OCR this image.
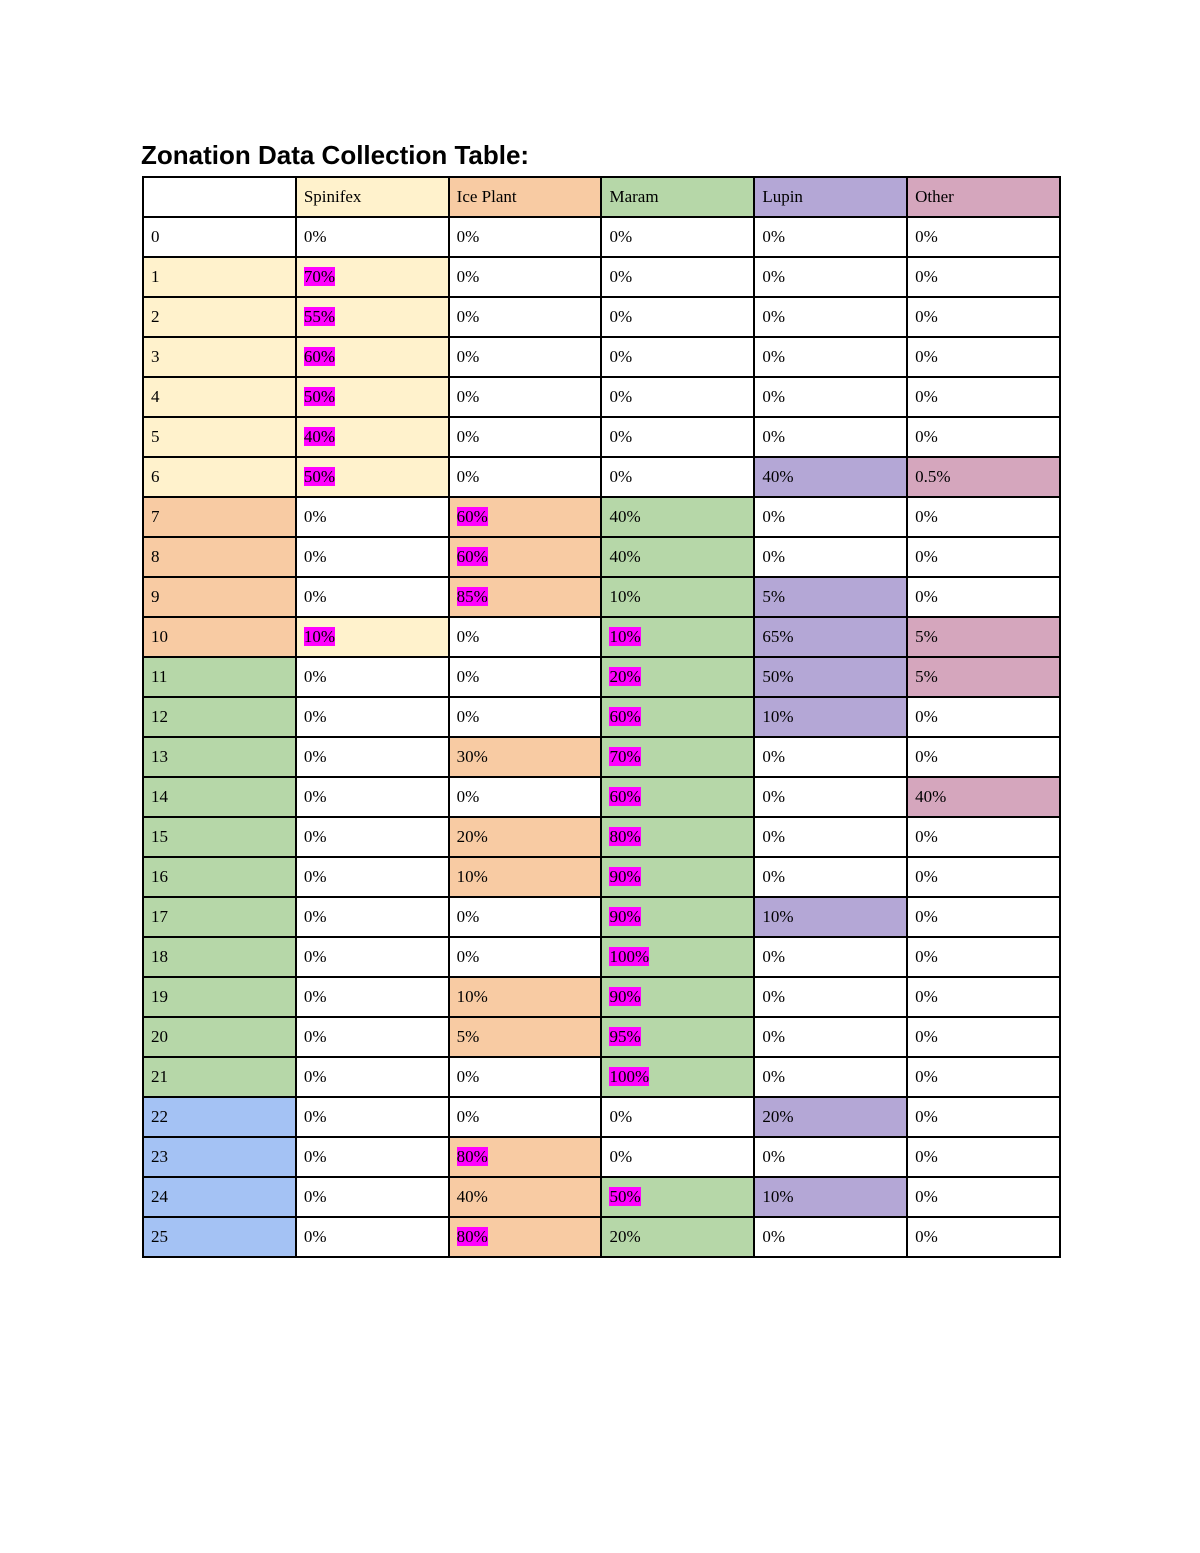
Zonation Data Collection Table:
	Spinifex	Ice Plant	Maram	Lupin	Other
0	0%	0%	0%	0%	0%
1	70%	0%	0%	0%	0%
2	55%	0%	0%	0%	0%
3	60%	0%	0%	0%	0%
4	50%	0%	0%	0%	0%
5	40%	0%	0%	0%	0%
6	50%	0%	0%	40%	0.5%
7	0%	60%	40%	0%	0%
8	0%	60%	40%	0%	0%
9	0%	85%	10%	5%	0%
10	10%	0%	10%	65%	5%
11	0%	0%	20%	50%	5%
12	0%	0%	60%	10%	0%
13	0%	30%	70%	0%	0%
14	0%	0%	60%	0%	40%
15	0%	20%	80%	0%	0%
16	0%	10%	90%	0%	0%
17	0%	0%	90%	10%	0%
18	0%	0%	100%	0%	0%
19	0%	10%	90%	0%	0%
20	0%	5%	95%	0%	0%
21	0%	0%	100%	0%	0%
22	0%	0%	0%	20%	0%
23	0%	80%	0%	0%	0%
24	0%	40%	50%	10%	0%
25	0%	80%	20%	0%	0%
